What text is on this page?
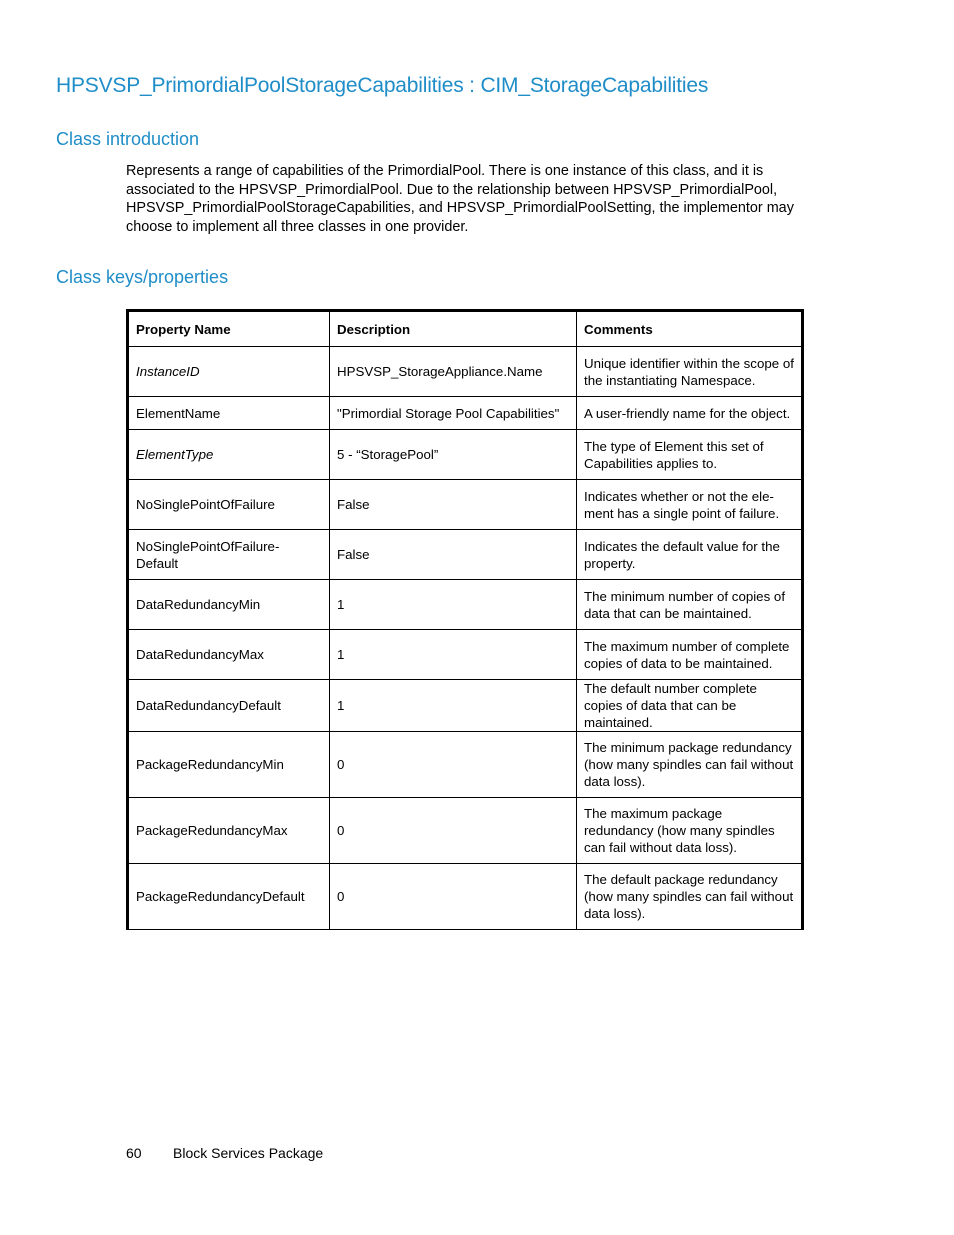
HPSVSP_PrimordialPoolStorageCapabilities : CIM_StorageCapabilities
Class introduction

Represents a range of capabilities of the PrimordialPool. There is one instance of this class, and it is associated to the HPSVSP_PrimordialPool. Due to the relationship between HPSVSP_PrimordialPool, HPSVSP_PrimordialPoolStorageCapabilities, and HPSVSP_PrimordialPoolSetting, the implementor may choose to implement all three classes in one provider.

Class keys/properties
Property Name	Description	Comments
InstanceID	HPSVSP_StorageAppliance.Name	Unique identifier within the scope of the instantiating Namespace.
ElementName	"Primordial Storage Pool Capabilities"	A user-friendly name for the object.
ElementType	5 - “StoragePool”	The type of Element this set of Capabilities applies to.
NoSinglePointOfFailure	False	Indicates whether or not the ele-ment has a single point of failure.
NoSinglePointOfFailure- Default	False	Indicates the default value for the property.
DataRedundancyMin	1	The minimum number of copies of data that can be maintained.
DataRedundancyMax	1	The maximum number of complete copies of data to be maintained.
DataRedundancyDefault	1	The default number complete copies of data that can be maintained.
PackageRedundancyMin	0	The minimum package redundancy (how many spindles can fail without data loss).
PackageRedundancyMax	0	The maximum package redundancy (how many spindles can fail without data loss).
PackageRedundancyDefault	0	The default package redundancy (how many spindles can fail without data loss).
60 Block Services Package
